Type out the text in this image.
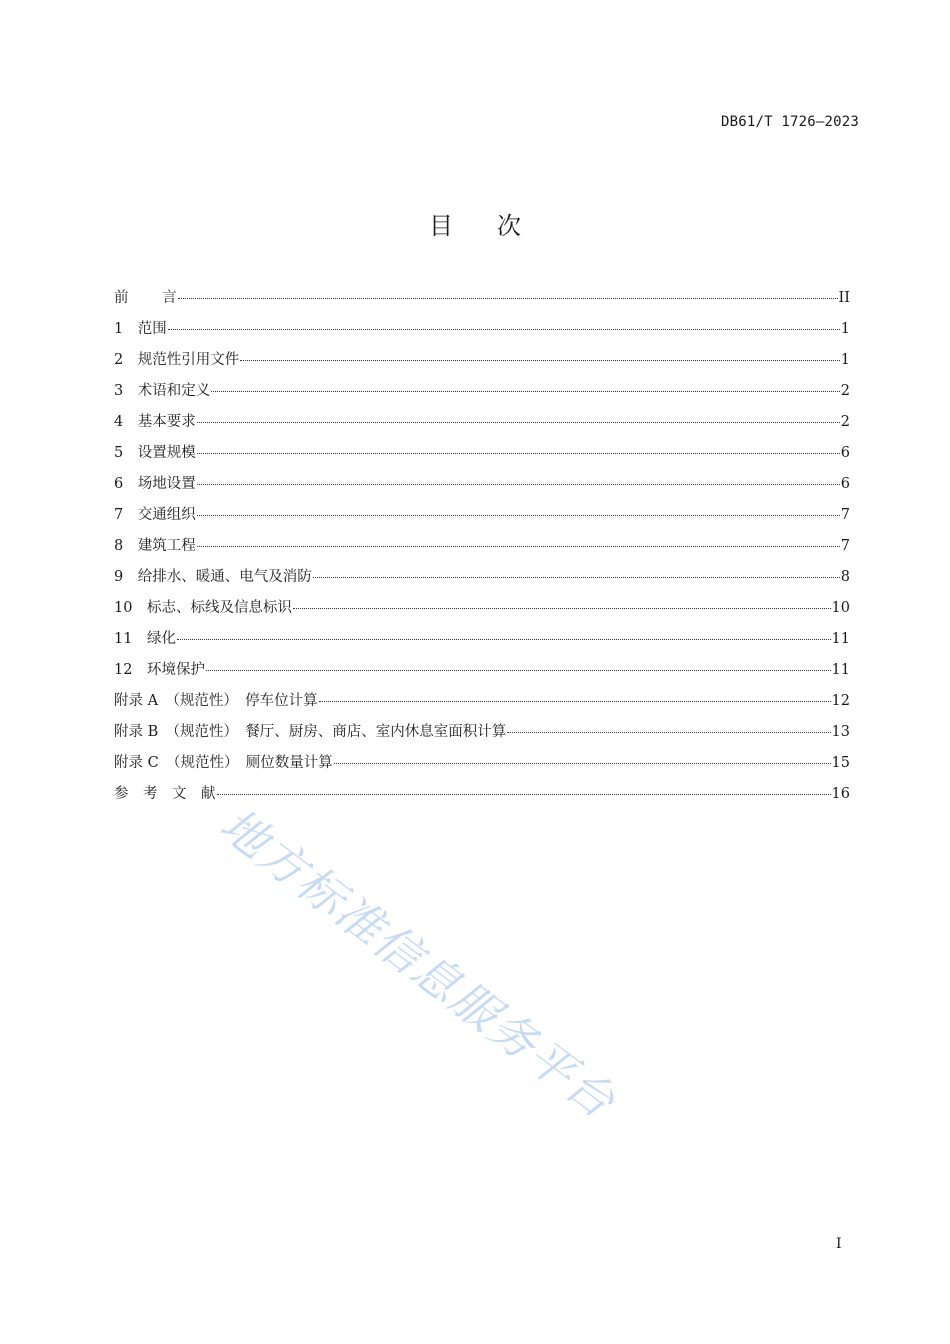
DB61/T 1726—2023
目次
前　　 言	II
1　范围	1
2　规范性引用文件	1
3　术语和定义	2
4　基本要求	2
5　设置规模	6
6　场地设置	6
7　交通组织	7
8　建筑工程	7
9　给排水、暖通、电气及消防	8
10　标志、标线及信息标识	10
11　绿化	11
12　环境保护	11
附录 A　（规范性）　停车位计算	12
附录 B　（规范性）　餐厅、厨房、商店、室内休息室面积计算	13
附录 C　（规范性）　厕位数量计算	15
参　考　文　献	16
地方标准信息服务平台
I
